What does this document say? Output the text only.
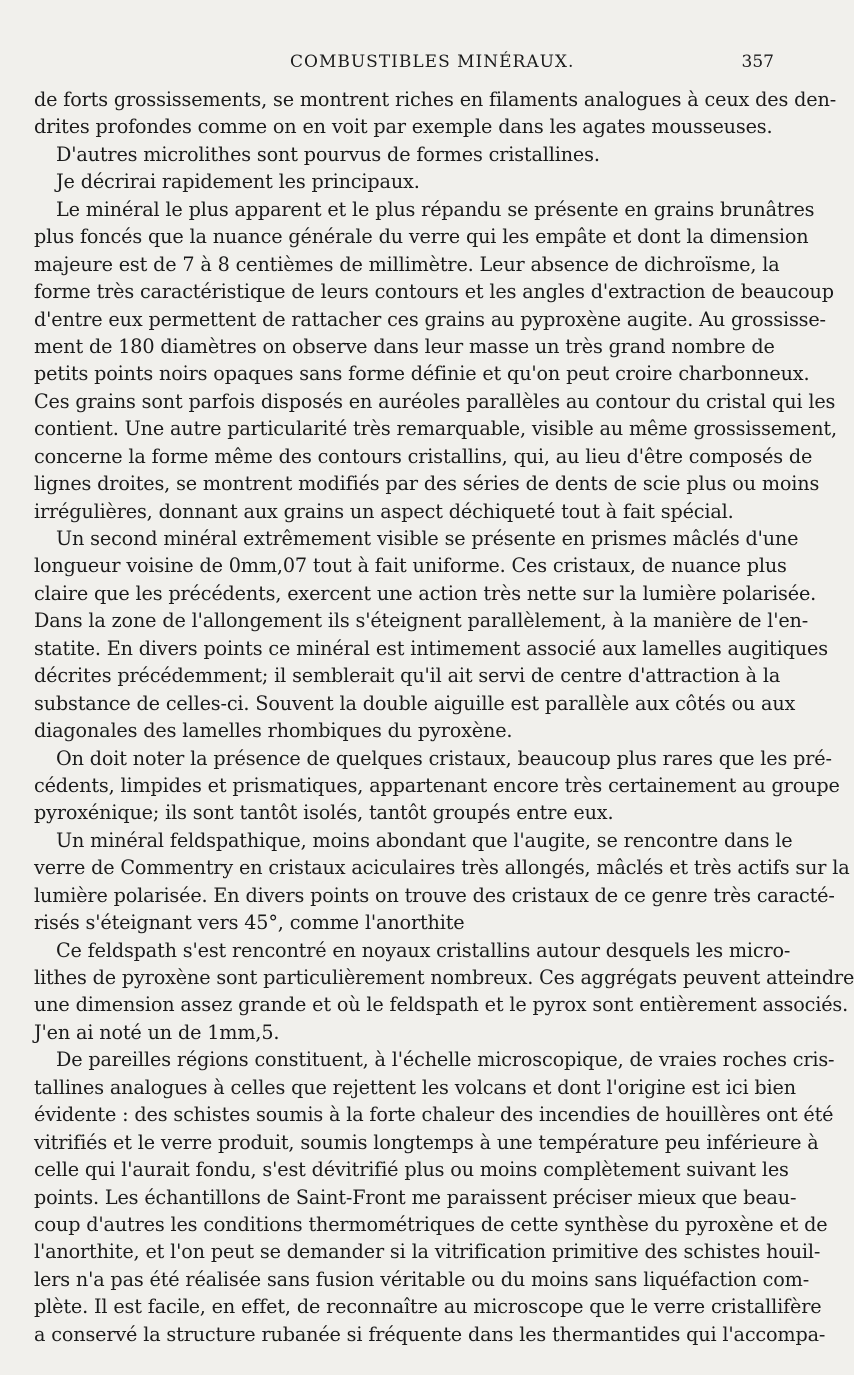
COMBUSTIBLES MINÉRAUX.	357
de forts grossissements, se montrent riches en filaments analogues à ceux des den-
drites profondes comme on en voit par exemple dans les agates mousseuses.
D'autres microlithes sont pourvus de formes cristallines.
Je décrirai rapidement les principaux.
Le minéral le plus apparent et le plus répandu se présente en grains brunâtres
plus foncés que la nuance générale du verre qui les empâte et dont la dimension
majeure est de 7 à 8 centièmes de millimètre. Leur absence de dichroïsme, la
forme très caractéristique de leurs contours et les angles d'extraction de beaucoup
d'entre eux permettent de rattacher ces grains au pyproxène augite. Au grossisse-
ment de 180 diamètres on observe dans leur masse un très grand nombre de
petits points noirs opaques sans forme définie et qu'on peut croire charbonneux.
Ces grains sont parfois disposés en auréoles parallèles au contour du cristal qui les
contient. Une autre particularité très remarquable, visible au même grossissement,
concerne la forme même des contours cristallins, qui, au lieu d'être composés de
lignes droites, se montrent modifiés par des séries de dents de scie plus ou moins
irrégulières, donnant aux grains un aspect déchiqueté tout à fait spécial.
Un second minéral extrêmement visible se présente en prismes mâclés d'une
longueur voisine de 0mm,07 tout à fait uniforme. Ces cristaux, de nuance plus
claire que les précédents, exercent une action très nette sur la lumière polarisée.
Dans la zone de l'allongement ils s'éteignent parallèlement, à la manière de l'en-
statite. En divers points ce minéral est intimement associé aux lamelles augitiques
décrites précédemment; il semblerait qu'il ait servi de centre d'attraction à la
substance de celles-ci. Souvent la double aiguille est parallèle aux côtés ou aux
diagonales des lamelles rhombiques du pyroxène.
On doit noter la présence de quelques cristaux, beaucoup plus rares que les pré-
cédents, limpides et prismatiques, appartenant encore très certainement au groupe
pyroxénique; ils sont tantôt isolés, tantôt groupés entre eux.
Un minéral feldspathique, moins abondant que l'augite, se rencontre dans le
verre de Commentry en cristaux aciculaires très allongés, mâclés et très actifs sur la
lumière polarisée. En divers points on trouve des cristaux de ce genre très caracté-
risés s'éteignant vers 45°, comme l'anorthite
Ce feldspath s'est rencontré en noyaux cristallins autour desquels les micro-
lithes de pyroxène sont particulièrement nombreux. Ces aggrégats peuvent atteindre
une dimension assez grande et où le feldspath et le pyrox sont entièrement associés.
J'en ai noté un de 1mm,5.
De pareilles régions constituent, à l'échelle microscopique, de vraies roches cris-
tallines analogues à celles que rejettent les volcans et dont l'origine est ici bien
évidente : des schistes soumis à la forte chaleur des incendies de houillères ont été
vitrifiés et le verre produit, soumis longtemps à une température peu inférieure à
celle qui l'aurait fondu, s'est dévitrifié plus ou moins complètement suivant les
points. Les échantillons de Saint-Front me paraissent préciser mieux que beau-
coup d'autres les conditions thermométriques de cette synthèse du pyroxène et de
l'anorthite, et l'on peut se demander si la vitrification primitive des schistes houil-
lers n'a pas été réalisée sans fusion véritable ou du moins sans liquéfaction com-
plète. Il est facile, en effet, de reconnaître au microscope que le verre cristallifère
a conservé la structure rubanée si fréquente dans les thermantides qui l'accompa-
